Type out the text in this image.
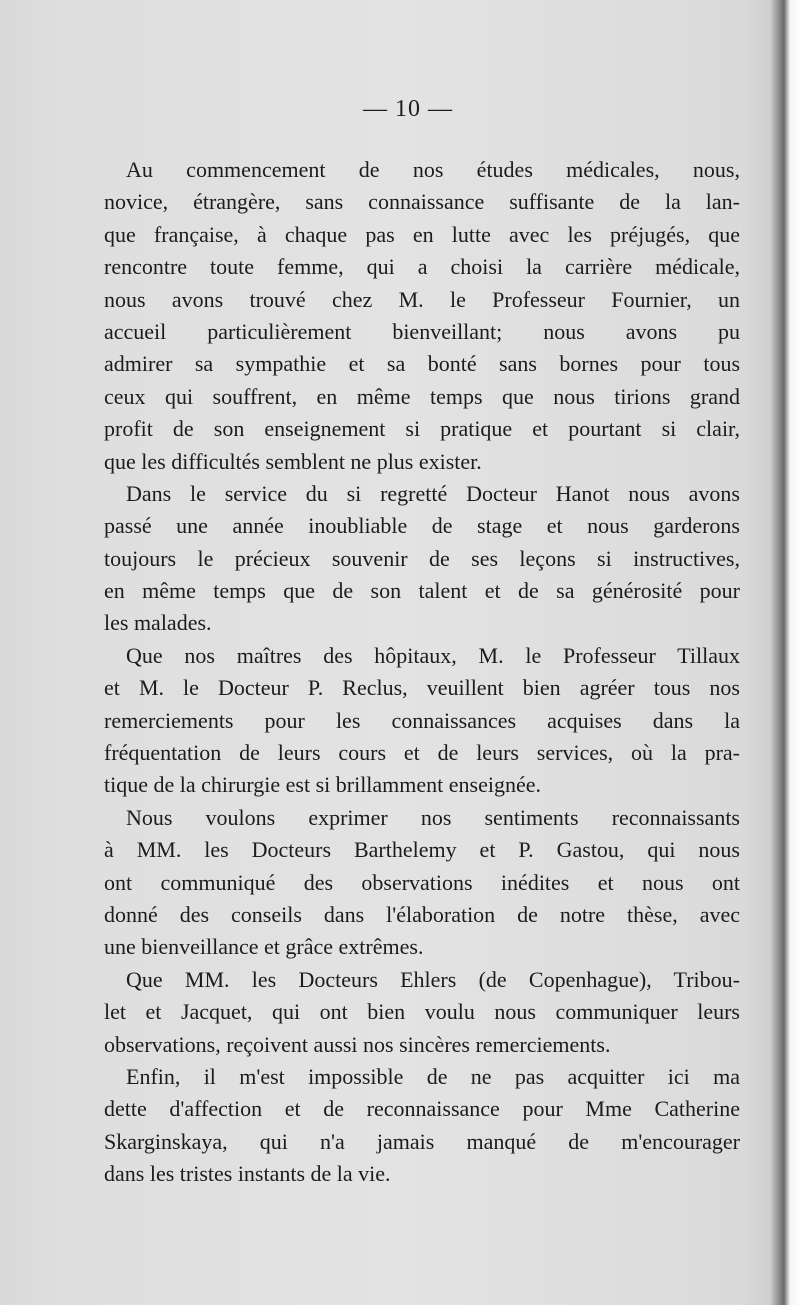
— 10 —
Au commencement de nos études médicales, nous,
novice, étrangère, sans connaissance suffisante de la lan-
que française, à chaque pas en lutte avec les préjugés, que
rencontre toute femme, qui a choisi la carrière médicale,
nous avons trouvé chez M. le Professeur Fournier, un
accueil particulièrement bienveillant; nous avons pu
admirer sa sympathie et sa bonté sans bornes pour tous
ceux qui souffrent, en même temps que nous tirions grand
profit de son enseignement si pratique et pourtant si clair,
que les difficultés semblent ne plus exister.
Dans le service du si regretté Docteur Hanot nous avons
passé une année inoubliable de stage et nous garderons
toujours le précieux souvenir de ses leçons si instructives,
en même temps que de son talent et de sa générosité pour
les malades.
Que nos maîtres des hôpitaux, M. le Professeur Tillaux
et M. le Docteur P. Reclus, veuillent bien agréer tous nos
remerciements pour les connaissances acquises dans la
fréquentation de leurs cours et de leurs services, où la pra-
tique de la chirurgie est si brillamment enseignée.
Nous voulons exprimer nos sentiments reconnaissants
à MM. les Docteurs Barthelemy et P. Gastou, qui nous
ont communiqué des observations inédites et nous ont
donné des conseils dans l'élaboration de notre thèse, avec
une bienveillance et grâce extrêmes.
Que MM. les Docteurs Ehlers (de Copenhague), Tribou-
let et Jacquet, qui ont bien voulu nous communiquer leurs
observations, reçoivent aussi nos sincères remerciements.
Enfin, il m'est impossible de ne pas acquitter ici ma
dette d'affection et de reconnaissance pour Mme Catherine
Skarginskaya, qui n'a jamais manqué de m'encourager
dans les tristes instants de la vie.
